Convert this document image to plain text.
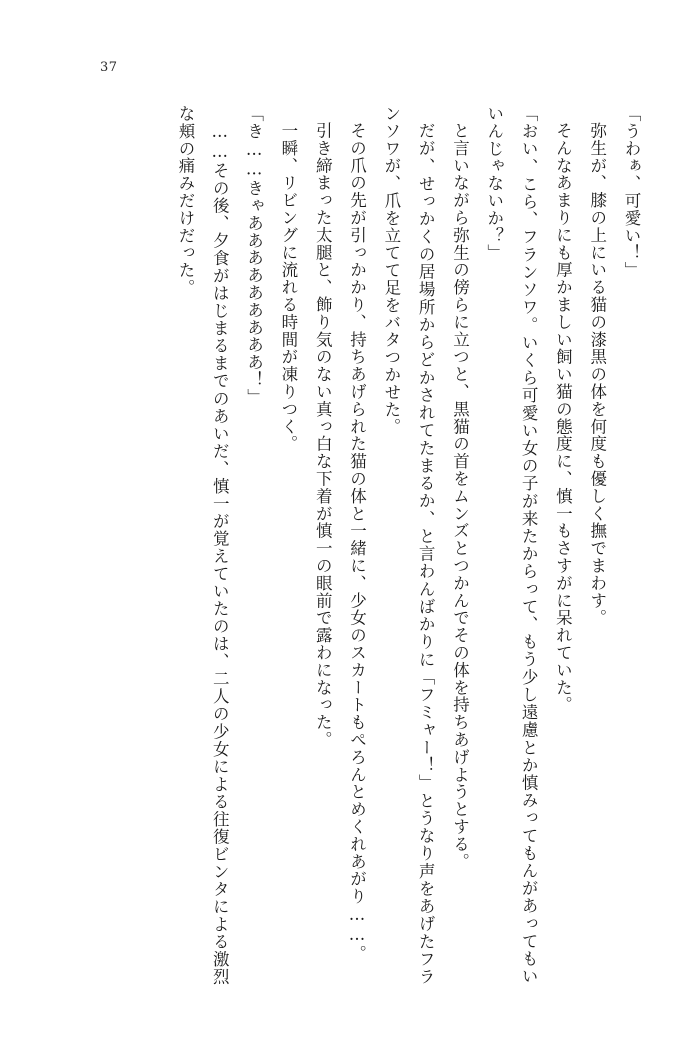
37

「うわぁ、可愛い！」

弥生が、膝の上にいる猫の漆黒の体を何度も優しく撫でまわす。

そんなあまりにも厚かましい飼い猫の態度に、慎一もさすがに呆れていた。

「おい、こら、フランソワ。いくら可愛い女の子が来たからって、もう少し遠慮とか慎みってもんがあってもいいんじゃないか？」

と言いながら弥生の傍らに立つと、黒猫の首をムンズとつかんでその体を持ちあげようとする。

だが、せっかくの居場所からどかされてたまるか、と言わんばかりに「フミャー！」とうなり声をあげたフランソワが、爪を立てて足をバタつかせた。

その爪の先が引っかかり、持ちあげられた猫の体と一緒に、少女のスカートもぺろんとめくれあがり……。

引き締まった太腿と、飾り気のない真っ白な下着が慎一の眼前で露わになった。

一瞬、リビングに流れる時間が凍りつく。

「き……きゃあああああああああ！」

……その後、夕食がはじまるまでのあいだ、慎一が覚えていたのは、二人の少女による往復ビンタによる激烈な頬の痛みだけだった。
